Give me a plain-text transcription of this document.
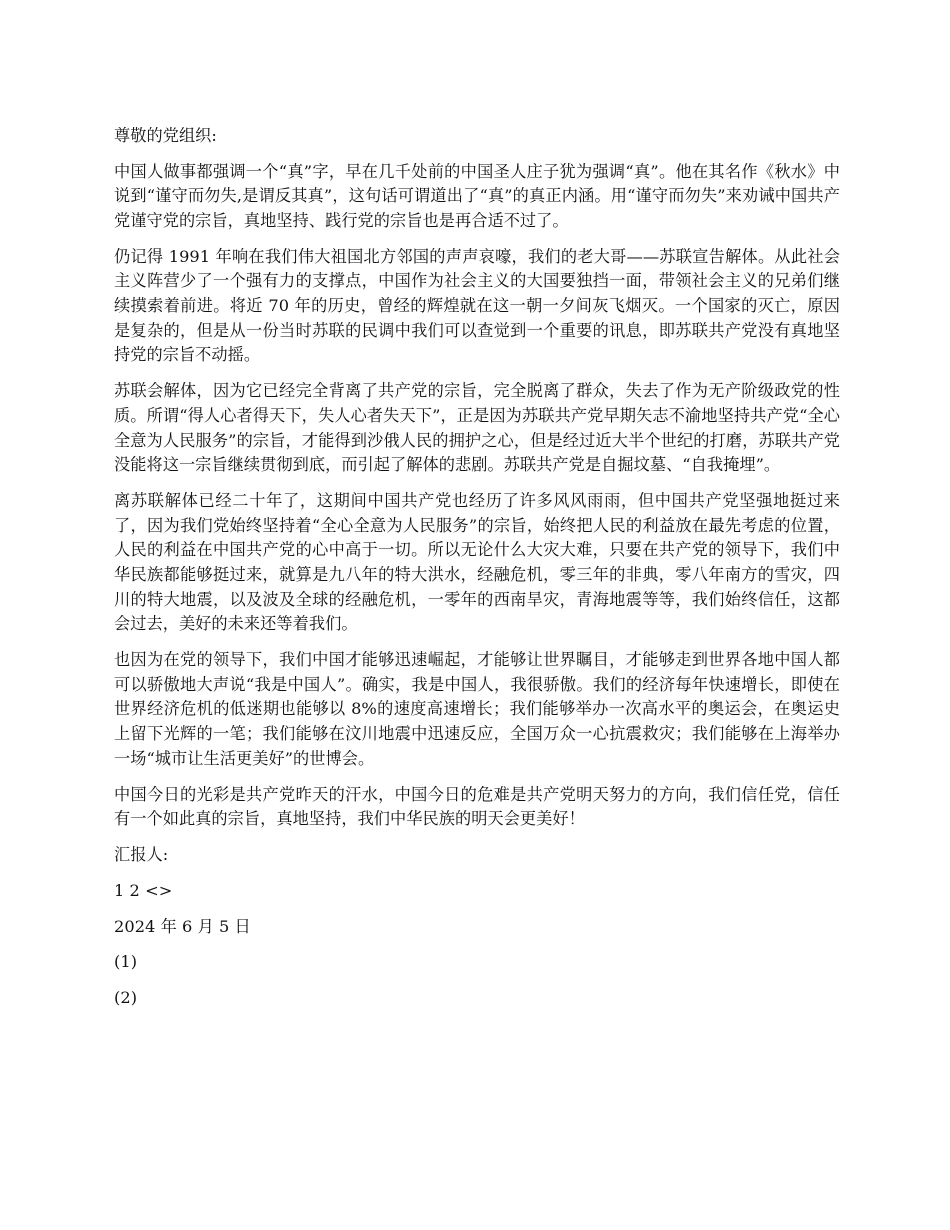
尊敬的党组织:

中国人做事都强调一个“真”字，早在几千处前的中国圣人庄子犹为强调“真”。他在其名作《秋水》中说到“谨守而勿失,是谓反其真”，这句话可谓道出了“真”的真正内涵。用“谨守而勿失”来劝诫中国共产党谨守党的宗旨，真地坚持、践行党的宗旨也是再合适不过了。

仍记得 1991 年响在我们伟大祖国北方邻国的声声哀嚎，我们的老大哥——苏联宣告解体。从此社会主义阵营少了一个强有力的支撑点，中国作为社会主义的大国要独挡一面，带领社会主义的兄弟们继续摸索着前进。将近 70 年的历史，曾经的辉煌就在这一朝一夕间灰飞烟灭。一个国家的灭亡，原因是复杂的，但是从一份当时苏联的民调中我们可以查觉到一个重要的讯息，即苏联共产党没有真地坚持党的宗旨不动摇。

苏联会解体，因为它已经完全背离了共产党的宗旨，完全脱离了群众，失去了作为无产阶级政党的性质。所谓“得人心者得天下，失人心者失天下”，正是因为苏联共产党早期矢志不渝地坚持共产党“全心全意为人民服务”的宗旨，才能得到沙俄人民的拥护之心，但是经过近大半个世纪的打磨，苏联共产党没能将这一宗旨继续贯彻到底，而引起了解体的悲剧。苏联共产党是自掘坟墓、“自我掩埋”。

离苏联解体已经二十年了，这期间中国共产党也经历了许多风风雨雨，但中国共产党坚强地挺过来了，因为我们党始终坚持着“全心全意为人民服务”的宗旨，始终把人民的利益放在最先考虑的位置，人民的利益在中国共产党的心中高于一切。所以无论什么大灾大难，只要在共产党的领导下，我们中华民族都能够挺过来，就算是九八年的特大洪水，经融危机，零三年的非典，零八年南方的雪灾，四川的特大地震，以及波及全球的经融危机，一零年的西南旱灾，青海地震等等，我们始终信任，这都会过去，美好的未来还等着我们。

也因为在党的领导下，我们中国才能够迅速崛起，才能够让世界瞩目，才能够走到世界各地中国人都可以骄傲地大声说“我是中国人”。确实，我是中国人，我很骄傲。我们的经济每年快速增长，即使在世界经济危机的低迷期也能够以 8%的速度高速增长；我们能够举办一次高水平的奥运会，在奥运史上留下光辉的一笔；我们能够在汶川地震中迅速反应，全国万众一心抗震救灾；我们能够在上海举办一场“城市让生活更美好”的世博会。

中国今日的光彩是共产党昨天的汗水，中国今日的危难是共产党明天努力的方向，我们信任党，信任有一个如此真的宗旨，真地坚持，我们中华民族的明天会更美好！

汇报人:

1 2 <>

2024 年 6 月 5 日

(1)

(2)
